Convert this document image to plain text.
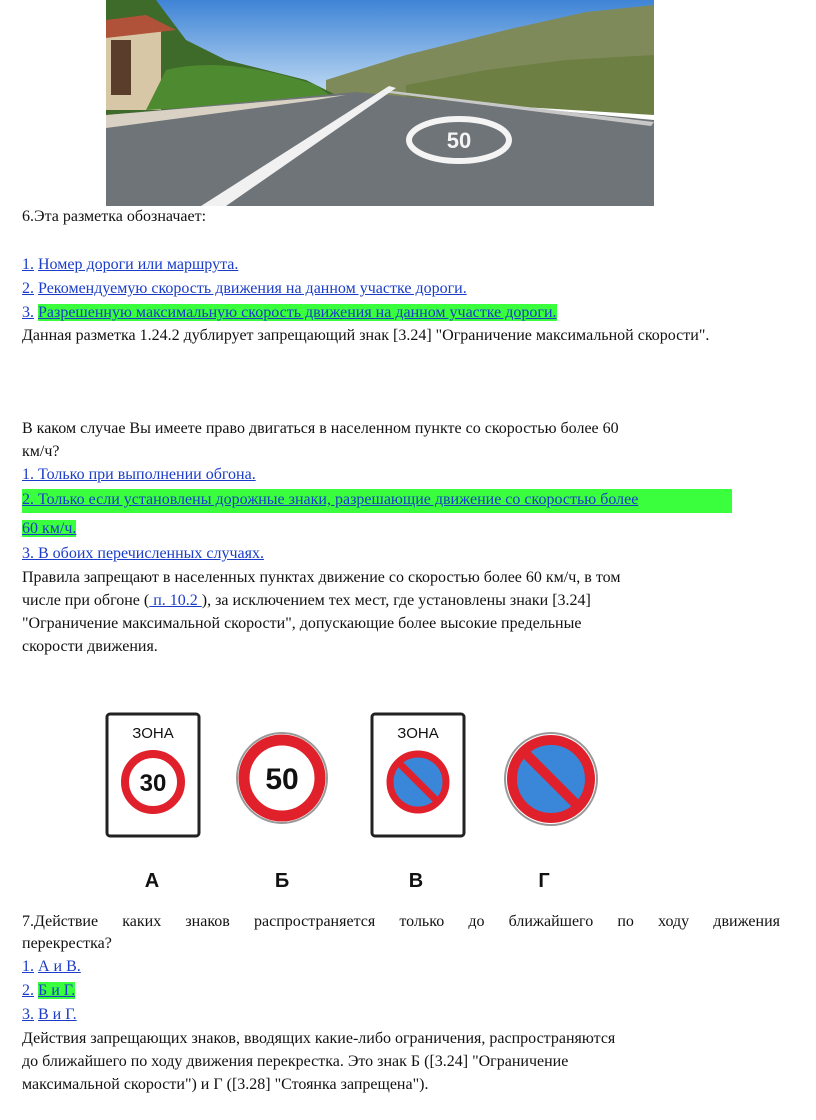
50
6.Эта разметка обозначает:
1. Номер дороги или маршрута.
2. Рекомендуемую скорость движения на данном участке дороги.
3. Разрешенную максимальную скорость движения на данном участке дороги.
Данная разметка 1.24.2 дублирует запрещающий знак [3.24] "Ограничение максимальной скорости".
В каком случае Вы имеете право двигаться в населенном пункте со скоростью более 60
км/ч?
1. Только при выполнении обгона.
2. Только если установлены дорожные знаки, разрешающие движение со скоростью более
60 км/ч.
3. В обоих перечисленных случаях.
Правила запрещают в населенных пунктах движение со скоростью более 60 км/ч, в том
числе при обгоне ( п. 10.2 ), за исключением тех мест, где установлены знаки [3.24]
"Ограничение максимальной скорости", допускающие более высокие предельные
скорости движения.
ЗОНА
30	50
ЗОНА
А	Б	В	Г
7.Действие каких знаков распространяется только до ближайшего по ходу движения
перекрестка?
1. А и В.
2. Б и Г.
3. В и Г.
Действия запрещающих знаков, вводящих какие-либо ограничения, распространяются
до ближайшего по ходу движения перекрестка. Это знак Б ([3.24] "Ограничение
максимальной скорости") и Г ([3.28] "Стоянка запрещена").
